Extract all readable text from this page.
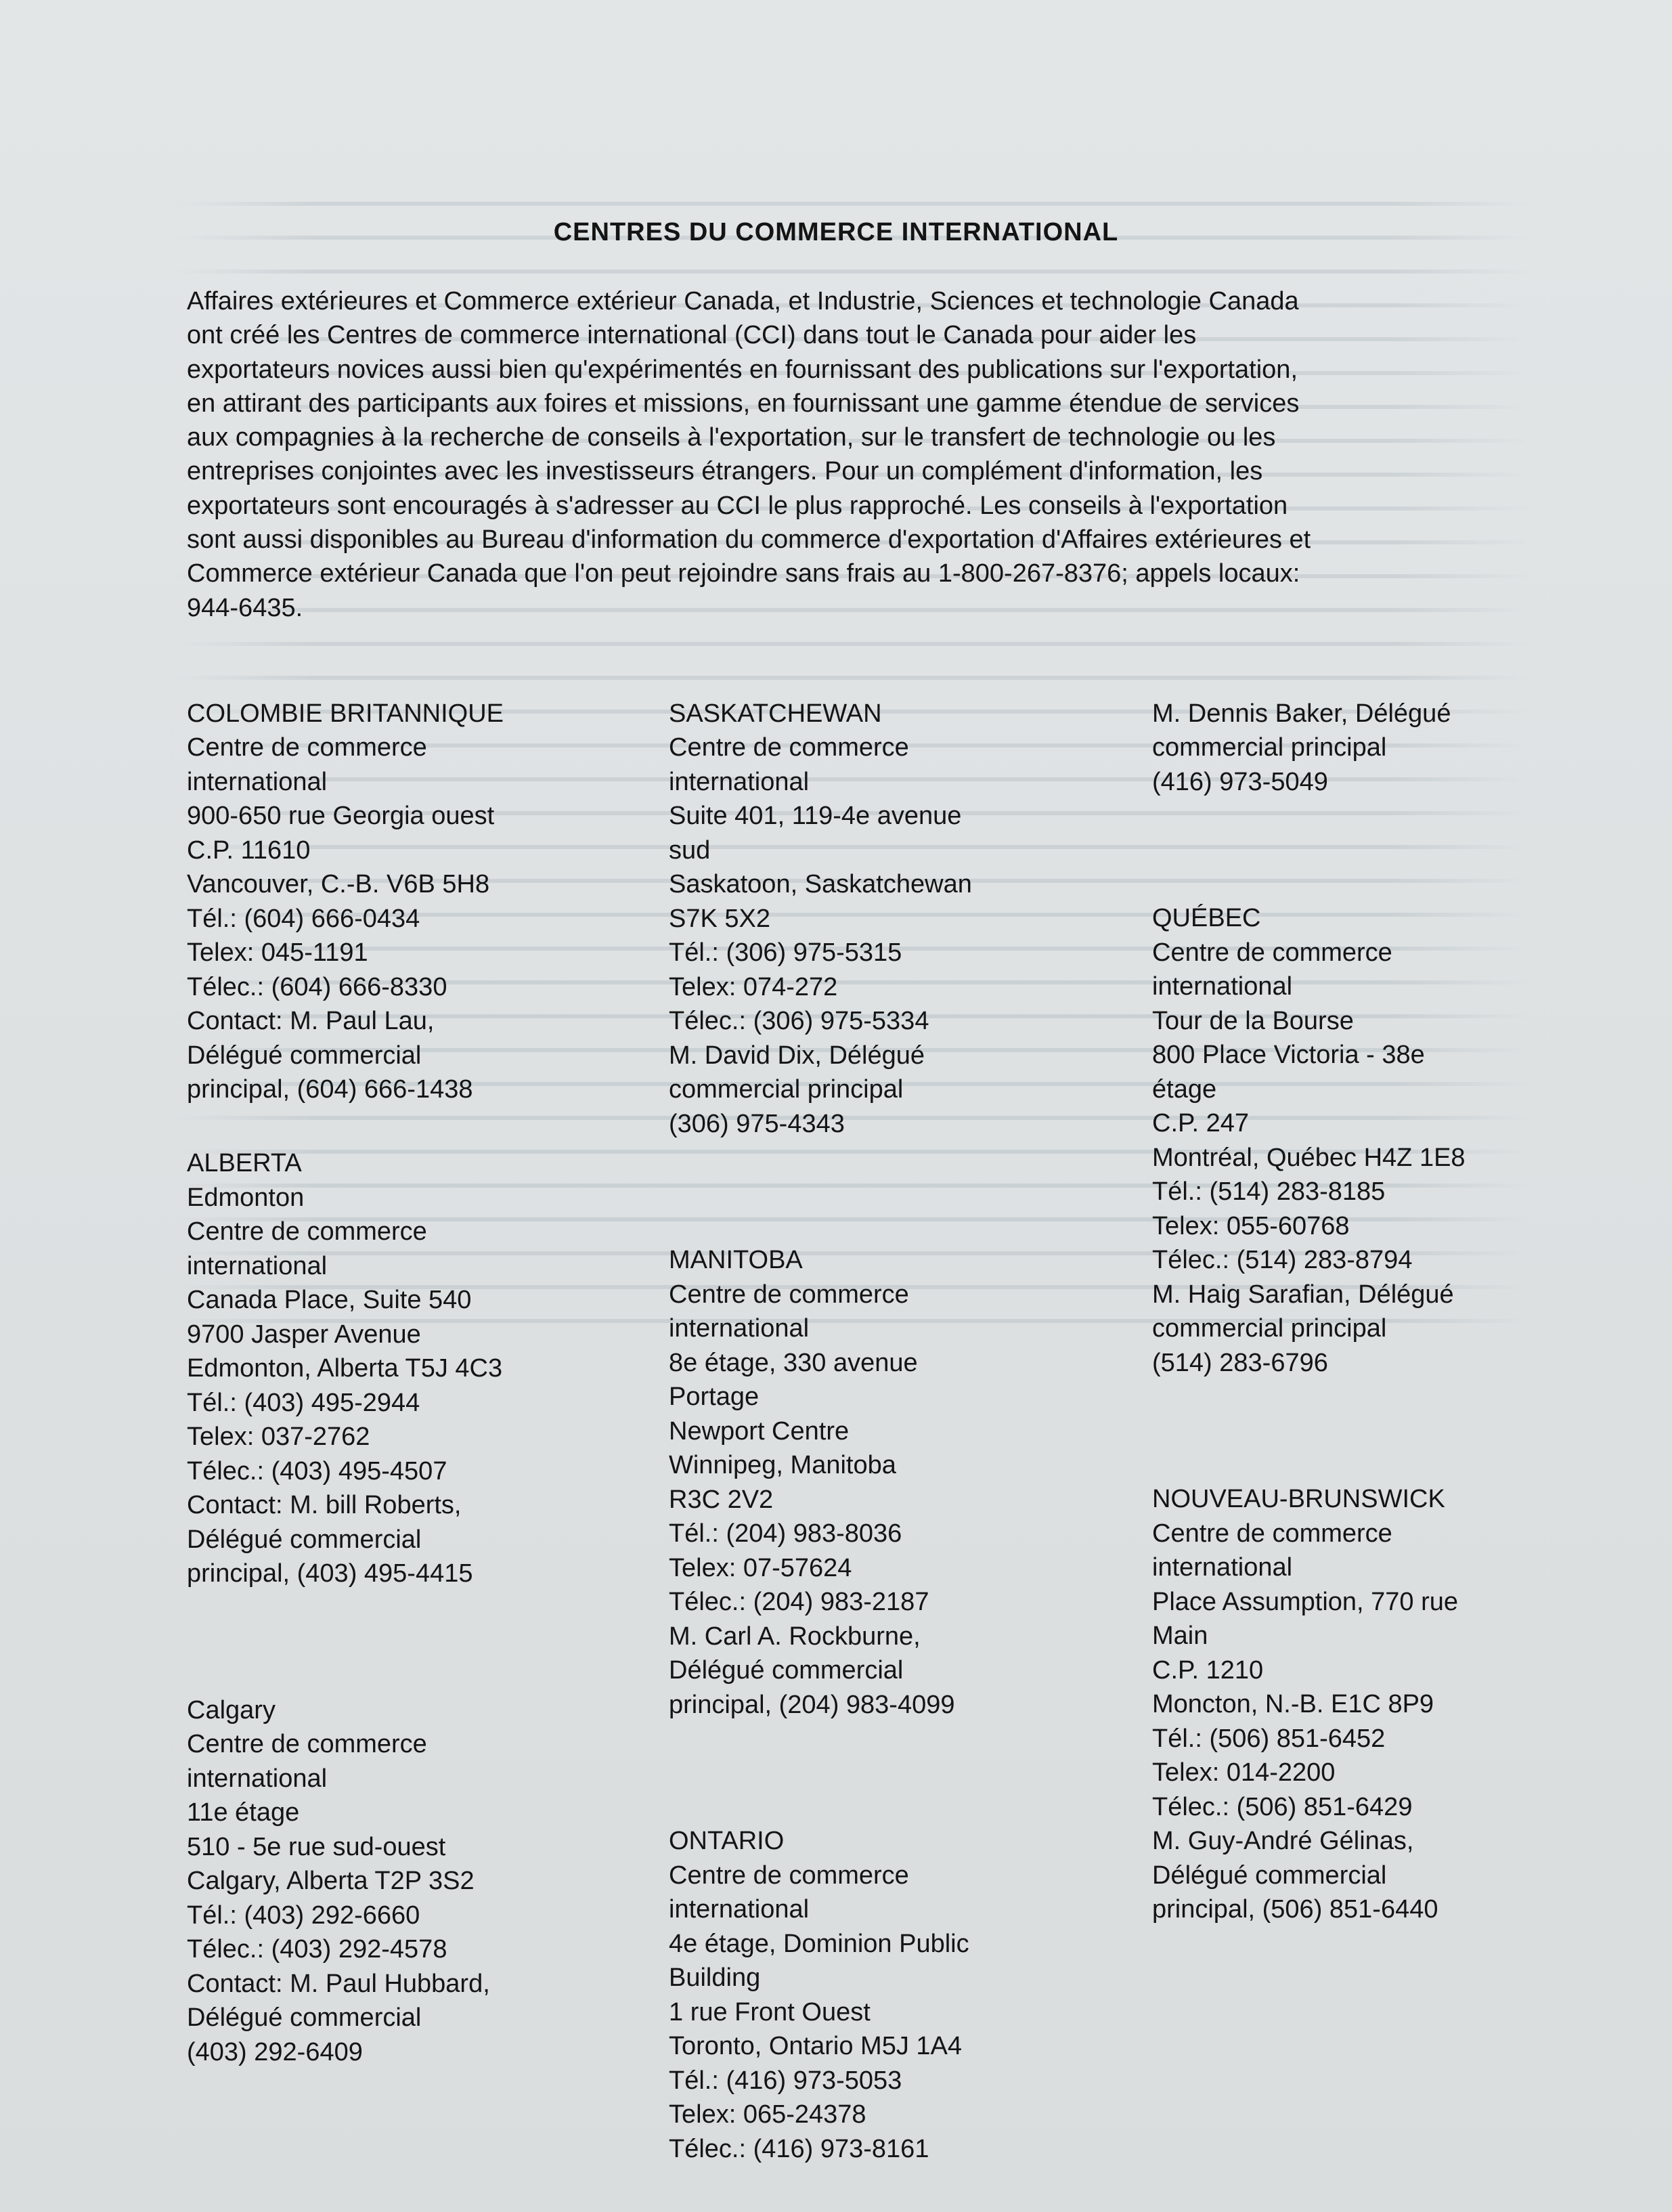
CENTRES DU COMMERCE INTERNATIONAL
Affaires extérieures et Commerce extérieur Canada, et Industrie, Sciences et technologie Canada
ont créé les Centres de commerce international (CCI) dans tout le Canada pour aider les
exportateurs novices aussi bien qu'expérimentés en fournissant des publications sur l'exportation,
en attirant des participants aux foires et missions, en fournissant une gamme étendue de services
aux compagnies à la recherche de conseils à l'exportation, sur le transfert de technologie ou les
entreprises conjointes avec les investisseurs étrangers. Pour un complément d'information, les
exportateurs sont encouragés à s'adresser au CCI le plus rapproché. Les conseils à l'exportation
sont aussi disponibles au Bureau d'information du commerce d'exportation d'Affaires extérieures et
Commerce extérieur Canada que l'on peut rejoindre sans frais au 1-800-267-8376; appels locaux:
944-6435.

COLOMBIE BRITANNIQUE
Centre de commerce
international
900-650 rue Georgia ouest
C.P. 11610
Vancouver, C.-B. V6B 5H8
Tél.: (604) 666-0434
Telex: 045-1191
Télec.: (604) 666-8330
Contact: M. Paul Lau,
Délégué commercial
principal, (604) 666-1438

ALBERTA
Edmonton
Centre de commerce
international
Canada Place, Suite 540
9700 Jasper Avenue
Edmonton, Alberta T5J 4C3
Tél.: (403) 495-2944
Telex: 037-2762
Télec.: (403) 495-4507
Contact: M. bill Roberts,
Délégué commercial
principal, (403) 495-4415

Calgary
Centre de commerce
international
11e étage
510 - 5e rue sud-ouest
Calgary, Alberta T2P 3S2
Tél.: (403) 292-6660
Télec.: (403) 292-4578
Contact: M. Paul Hubbard,
Délégué commercial
(403) 292-6409

SASKATCHEWAN
Centre de commerce
international
Suite 401, 119-4e avenue
sud
Saskatoon, Saskatchewan
S7K 5X2
Tél.: (306) 975-5315
Telex: 074-272
Télec.: (306) 975-5334
M. David Dix, Délégué
commercial principal
(306) 975-4343

MANITOBA
Centre de commerce
international
8e étage, 330 avenue
Portage
Newport Centre
Winnipeg, Manitoba
R3C 2V2
Tél.: (204) 983-8036
Telex: 07-57624
Télec.: (204) 983-2187
M. Carl A. Rockburne,
Délégué commercial
principal, (204) 983-4099

ONTARIO
Centre de commerce
international
4e étage, Dominion Public
Building
1 rue Front Ouest
Toronto, Ontario M5J 1A4
Tél.: (416) 973-5053
Telex: 065-24378
Télec.: (416) 973-8161

M. Dennis Baker, Délégué
commercial principal
(416) 973-5049

QUÉBEC
Centre de commerce
international
Tour de la Bourse
800 Place Victoria - 38e
étage
C.P. 247
Montréal, Québec H4Z 1E8
Tél.: (514) 283-8185
Telex: 055-60768
Télec.: (514) 283-8794
M. Haig Sarafian, Délégué
commercial principal
(514) 283-6796

NOUVEAU-BRUNSWICK
Centre de commerce
international
Place Assumption, 770 rue
Main
C.P. 1210
Moncton, N.-B. E1C 8P9
Tél.: (506) 851-6452
Telex: 014-2200
Télec.: (506) 851-6429
M. Guy-André Gélinas,
Délégué commercial
principal, (506) 851-6440
